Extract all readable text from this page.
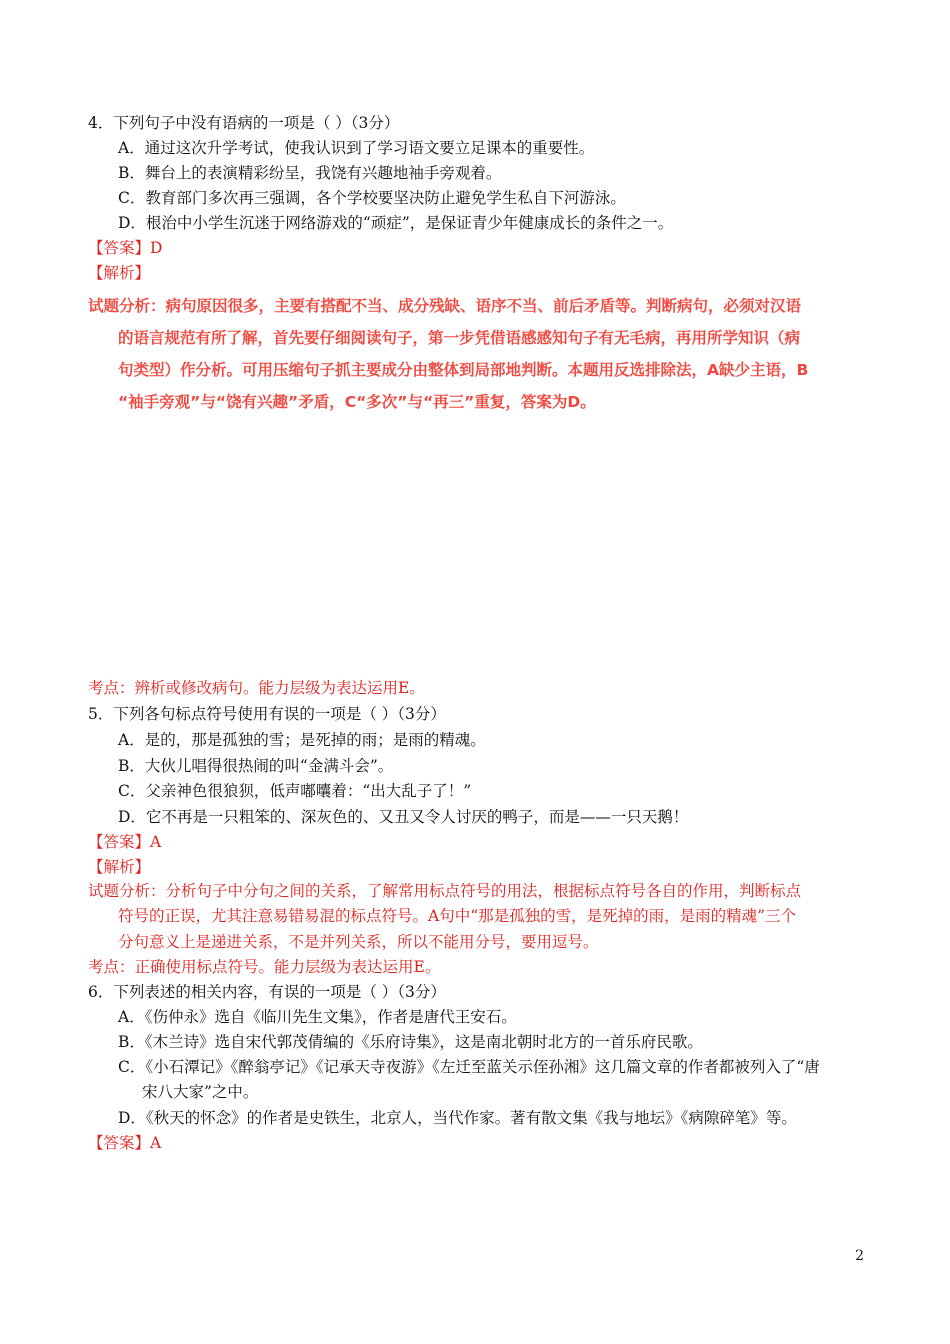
4．下列句子中没有语病的一项是（ ）（3分）
A．通过这次升学考试，使我认识到了学习语文要立足课本的重要性。
B．舞台上的表演精彩纷呈，我饶有兴趣地袖手旁观着。
C．教育部门多次再三强调，各个学校要坚决防止避免学生私自下河游泳。
D．根治中小学生沉迷于网络游戏的“顽症”，是保证青少年健康成长的条件之一。
【答案】D
【解析】
试题分析：病句原因很多，主要有搭配不当、成分残缺、语序不当、前后矛盾等。判断病句，必须对汉语
的语言规范有所了解，首先要仔细阅读句子，第一步凭借语感感知句子有无毛病，再用所学知识（病
句类型）作分析。可用压缩句子抓主要成分由整体到局部地判断。本题用反选排除法，A缺少主语，B
“袖手旁观”与“饶有兴趣”矛盾，C“多次”与“再三”重复，答案为D。
考点：辨析或修改病句。能力层级为表达运用E。
5．下列各句标点符号使用有误的一项是（ ）（3分）
A．是的，那是孤独的雪；是死掉的雨；是雨的精魂。
B．大伙儿唱得很热闹的叫“金满斗会”。
C．父亲神色很狼狈，低声嘟囔着：“出大乱子了！”
D．它不再是一只粗笨的、深灰色的、又丑又令人讨厌的鸭子，而是——一只天鹅！
【答案】A
【解析】
试题分析：分析句子中分句之间的关系，了解常用标点符号的用法，根据标点符号各自的作用，判断标点
符号的正误，尤其注意易错易混的标点符号。A句中“那是孤独的雪，是死掉的雨，是雨的精魂”三个
分句意义上是递进关系，不是并列关系，所以不能用分号，要用逗号。
考点：正确使用标点符号。能力层级为表达运用E。
6．下列表述的相关内容，有误的一项是（ ）（3分）
A．《伤仲永》选自《临川先生文集》，作者是唐代王安石。
B．《木兰诗》选自宋代郭茂倩编的《乐府诗集》，这是南北朝时北方的一首乐府民歌。
C．《小石潭记》《醉翁亭记》《记承天寺夜游》《左迁至蓝关示侄孙湘》这几篇文章的作者都被列入了“唐
宋八大家”之中。
D．《秋天的怀念》的作者是史铁生，北京人，当代作家。著有散文集《我与地坛》《病隙碎笔》等。
【答案】A
2
